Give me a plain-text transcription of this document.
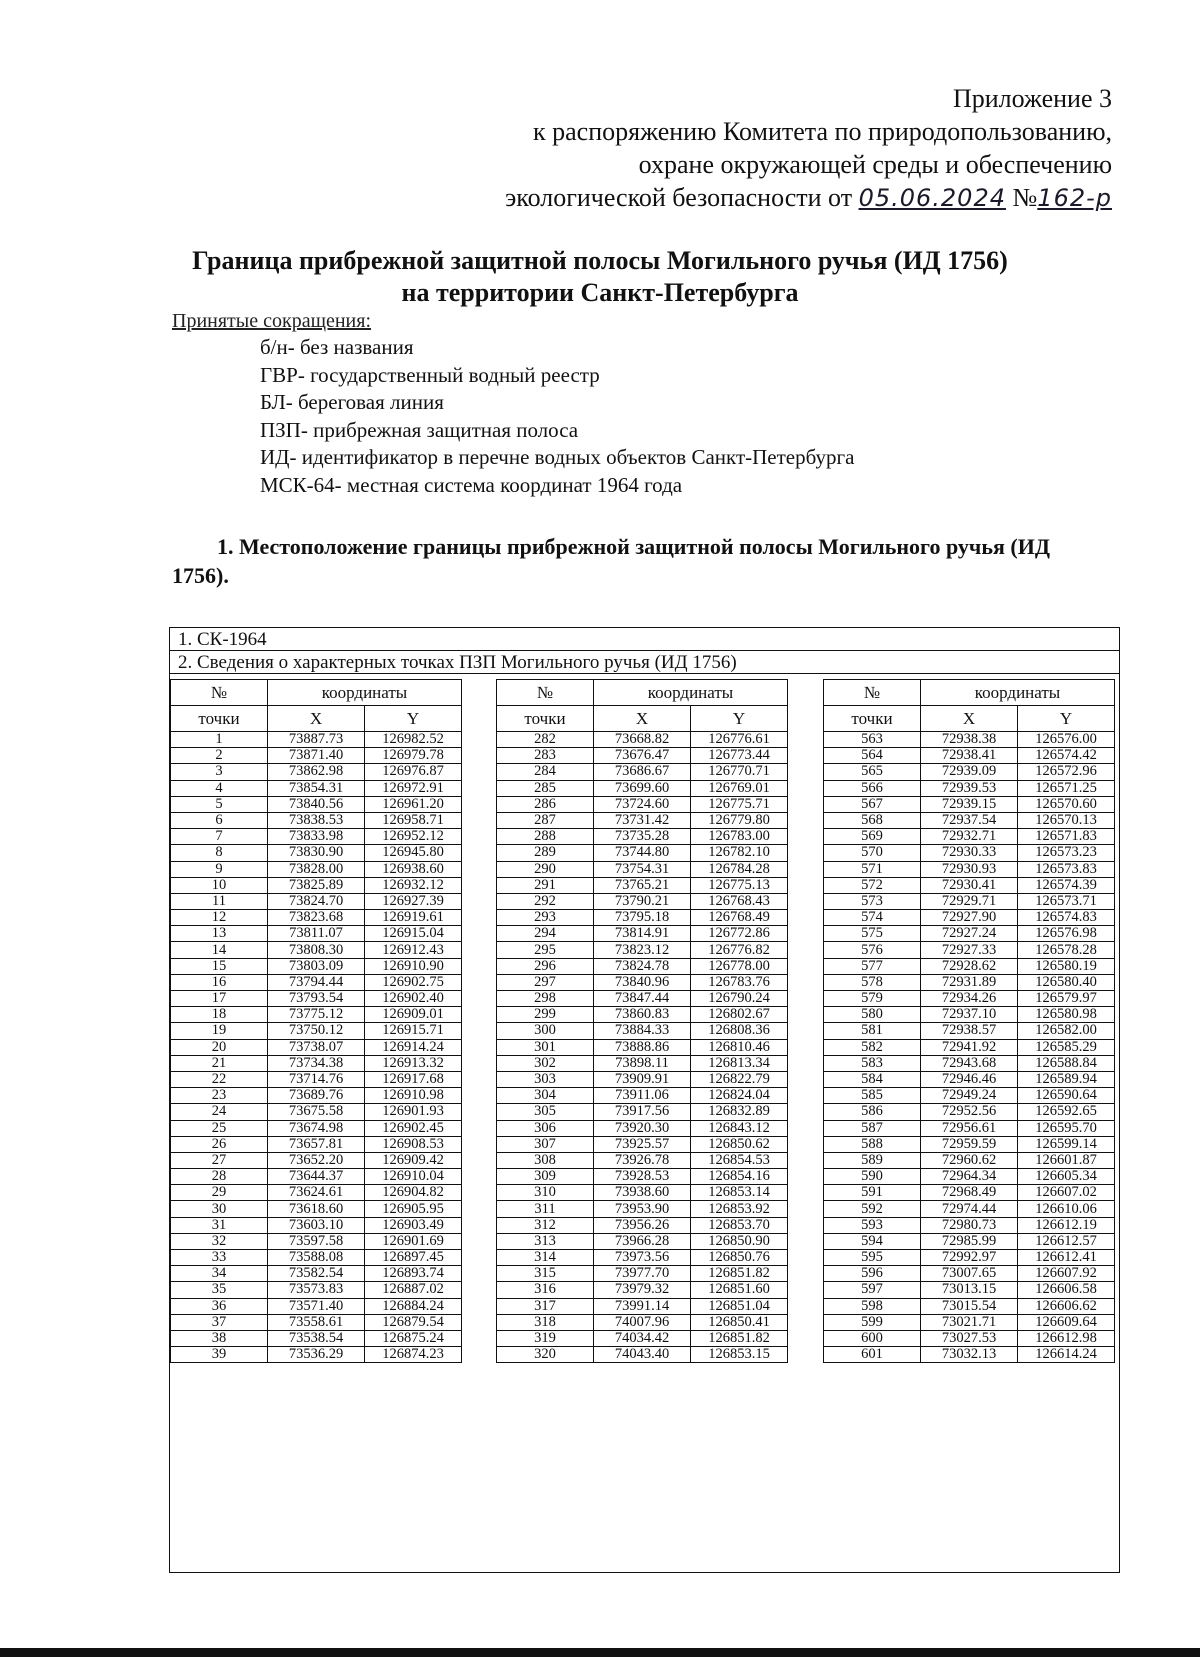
Приложение 3
к распоряжению Комитета по природопользованию,
охране окружающей среды и обеспечению
экологической безопасности от 05.06.2024 №162-р
Граница прибрежной защитной полосы Могильного ручья (ИД 1756)
на территории Санкт-Петербурга
Принятые сокращения:
б/н- без названия
ГВР- государственный водный реестр
БЛ- береговая линия
ПЗП- прибрежная защитная полоса
ИД- идентификатор в перечне водных объектов Санкт-Петербурга
МСК-64- местная система координат 1964 года
1. Местоположение границы прибрежной защитной полосы Могильного ручья (ИД 1756).
1. СК-1964
2. Сведения о характерных точках ПЗП Могильного ручья (ИД 1756)
№	координаты	
точки	X	Y
1	73887.73	126982.52
2	73871.40	126979.78
3	73862.98	126976.87
4	73854.31	126972.91
5	73840.56	126961.20
6	73838.53	126958.71
7	73833.98	126952.12
8	73830.90	126945.80
9	73828.00	126938.60
10	73825.89	126932.12
11	73824.70	126927.39
12	73823.68	126919.61
13	73811.07	126915.04
14	73808.30	126912.43
15	73803.09	126910.90
16	73794.44	126902.75
17	73793.54	126902.40
18	73775.12	126909.01
19	73750.12	126915.71
20	73738.07	126914.24
21	73734.38	126913.32
22	73714.76	126917.68
23	73689.76	126910.98
24	73675.58	126901.93
25	73674.98	126902.45
26	73657.81	126908.53
27	73652.20	126909.42
28	73644.37	126910.04
29	73624.61	126904.82
30	73618.60	126905.95
31	73603.10	126903.49
32	73597.58	126901.69
33	73588.08	126897.45
34	73582.54	126893.74
35	73573.83	126887.02
36	73571.40	126884.24
37	73558.61	126879.54
38	73538.54	126875.24
39	73536.29	126874.23
№	координаты	
точки	X	Y
282	73668.82	126776.61
283	73676.47	126773.44
284	73686.67	126770.71
285	73699.60	126769.01
286	73724.60	126775.71
287	73731.42	126779.80
288	73735.28	126783.00
289	73744.80	126782.10
290	73754.31	126784.28
291	73765.21	126775.13
292	73790.21	126768.43
293	73795.18	126768.49
294	73814.91	126772.86
295	73823.12	126776.82
296	73824.78	126778.00
297	73840.96	126783.76
298	73847.44	126790.24
299	73860.83	126802.67
300	73884.33	126808.36
301	73888.86	126810.46
302	73898.11	126813.34
303	73909.91	126822.79
304	73911.06	126824.04
305	73917.56	126832.89
306	73920.30	126843.12
307	73925.57	126850.62
308	73926.78	126854.53
309	73928.53	126854.16
310	73938.60	126853.14
311	73953.90	126853.92
312	73956.26	126853.70
313	73966.28	126850.90
314	73973.56	126850.76
315	73977.70	126851.82
316	73979.32	126851.60
317	73991.14	126851.04
318	74007.96	126850.41
319	74034.42	126851.82
320	74043.40	126853.15
№	координаты	
точки	X	Y
563	72938.38	126576.00
564	72938.41	126574.42
565	72939.09	126572.96
566	72939.53	126571.25
567	72939.15	126570.60
568	72937.54	126570.13
569	72932.71	126571.83
570	72930.33	126573.23
571	72930.93	126573.83
572	72930.41	126574.39
573	72929.71	126573.71
574	72927.90	126574.83
575	72927.24	126576.98
576	72927.33	126578.28
577	72928.62	126580.19
578	72931.89	126580.40
579	72934.26	126579.97
580	72937.10	126580.98
581	72938.57	126582.00
582	72941.92	126585.29
583	72943.68	126588.84
584	72946.46	126589.94
585	72949.24	126590.64
586	72952.56	126592.65
587	72956.61	126595.70
588	72959.59	126599.14
589	72960.62	126601.87
590	72964.34	126605.34
591	72968.49	126607.02
592	72974.44	126610.06
593	72980.73	126612.19
594	72985.99	126612.57
595	72992.97	126612.41
596	73007.65	126607.92
597	73013.15	126606.58
598	73015.54	126606.62
599	73021.71	126609.64
600	73027.53	126612.98
601	73032.13	126614.24
